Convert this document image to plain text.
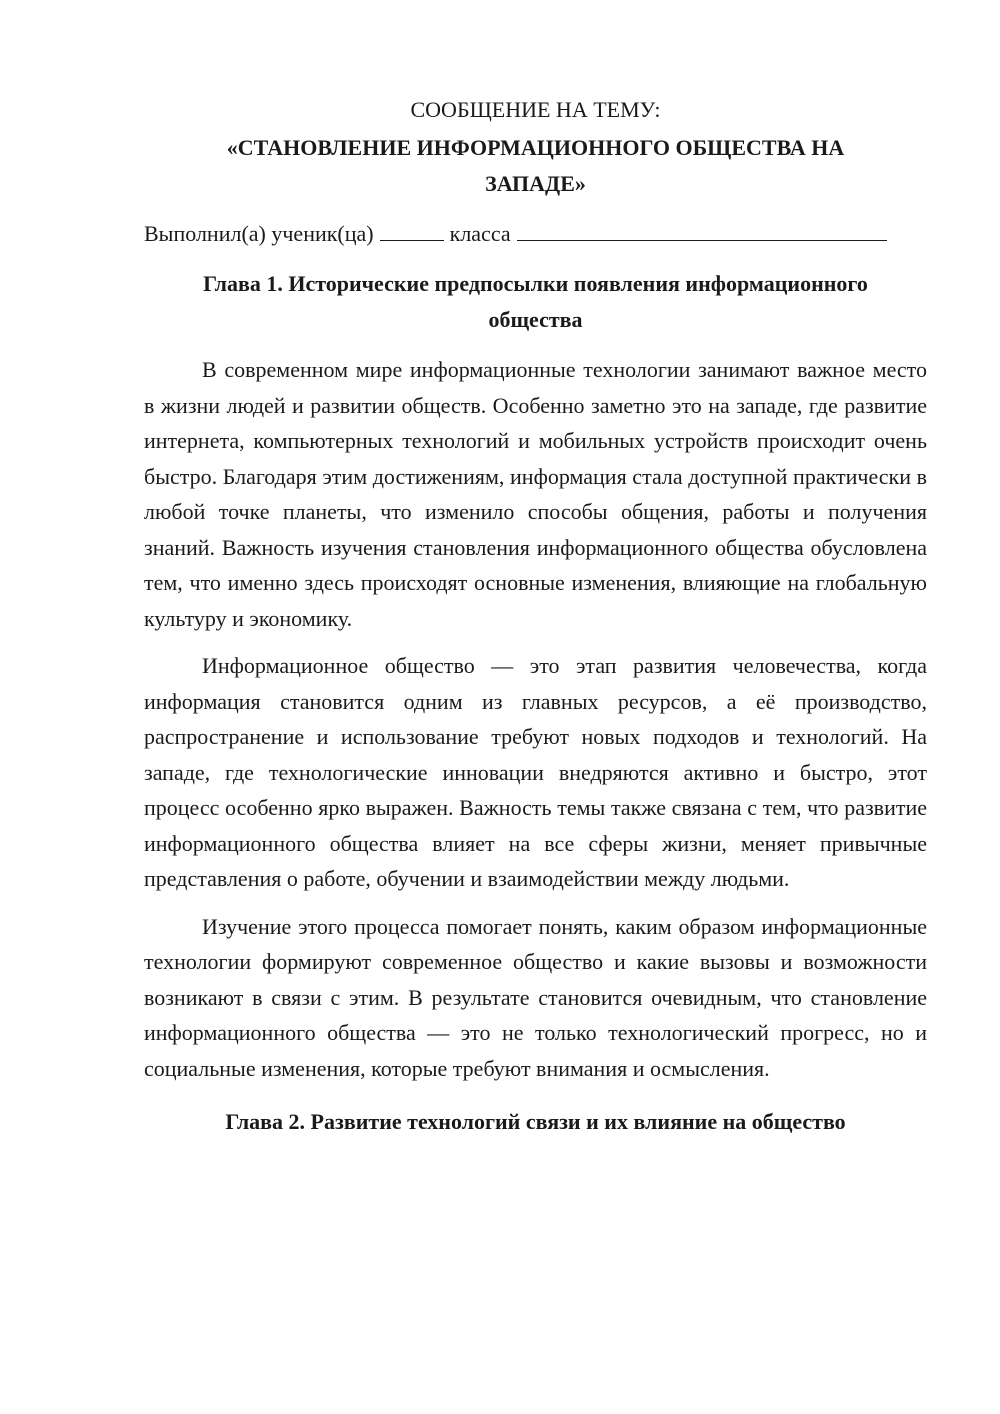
СООБЩЕНИЕ НА ТЕМУ:

«СТАНОВЛЕНИЕ ИНФОРМАЦИОННОГО ОБЩЕСТВА НА ЗАПАДЕ»

Выполнил(а) ученик(ца)	класса

Глава 1. Исторические предпосылки появления информационного общества

В современном мире информационные технологии занимают важное место в жизни людей и развитии обществ. Особенно заметно это на западе, где развитие интернета, компьютерных технологий и мобильных устройств происходит очень быстро. Благодаря этим достижениям, информация стала доступной практически в любой точке планеты, что изменило способы общения, работы и получения знаний. Важность изучения становления информационного общества обусловлена тем, что именно здесь происходят основные изменения, влияющие на глобальную культуру и экономику.

Информационное общество — это этап развития человечества, когда информация становится одним из главных ресурсов, а её производство, распространение и использование требуют новых подходов и технологий. На западе, где технологические инновации внедряются активно и быстро, этот процесс особенно ярко выражен. Важность темы также связана с тем, что развитие информационного общества влияет на все сферы жизни, меняет привычные представления о работе, обучении и взаимодействии между людьми.

Изучение этого процесса помогает понять, каким образом информационные технологии формируют современное общество и какие вызовы и возможности возникают в связи с этим. В результате становится очевидным, что становление информационного общества — это не только технологический прогресс, но и социальные изменения, которые требуют внимания и осмысления.

Глава 2. Развитие технологий связи и их влияние на общество
